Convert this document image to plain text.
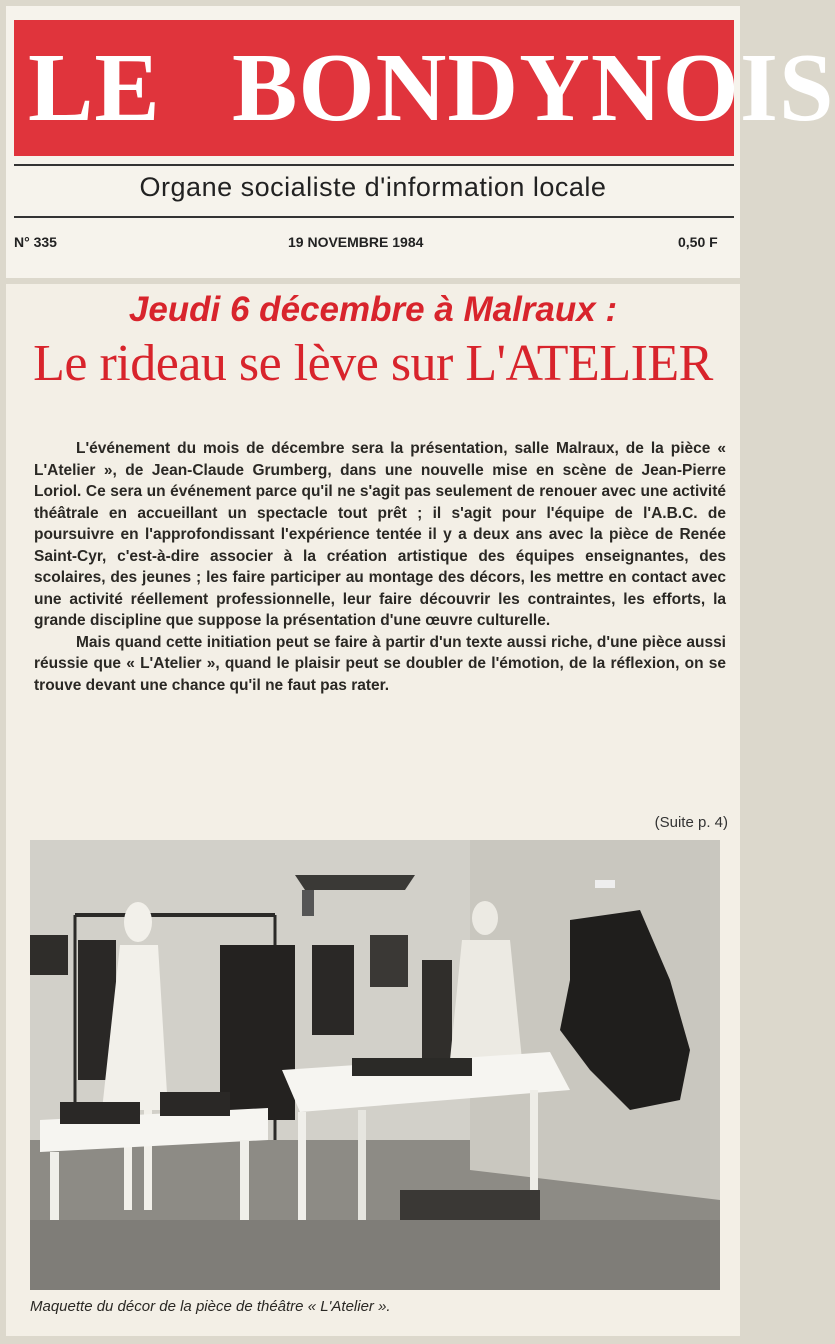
LE BONDYNOIS
Organe socialiste d'information locale
N° 335	19 NOVEMBRE 1984	0,50 F
Jeudi 6 décembre à Malraux :
Le rideau se lève sur L'ATELIER

L'événement du mois de décembre sera la présentation, salle Malraux, de la pièce « L'Atelier », de Jean-Claude Grumberg, dans une nouvelle mise en scène de Jean-Pierre Loriol. Ce sera un événement parce qu'il ne s'agit pas seulement de renouer avec une activité théâtrale en accueillant un spectacle tout prêt ; il s'agit pour l'équipe de l'A.B.C. de poursuivre en l'approfondissant l'expérience tentée il y a deux ans avec la pièce de Renée Saint-Cyr, c'est-à-dire associer à la création artistique des équipes enseignantes, des scolaires, des jeunes ; les faire participer au montage des décors, les mettre en contact avec une activité réellement professionnelle, leur faire découvrir les contraintes, les efforts, la grande discipline que suppose la présentation d'une œuvre culturelle.

Mais quand cette initiation peut se faire à partir d'un texte aussi riche, d'une pièce aussi réussie que « L'Atelier », quand le plaisir peut se doubler de l'émotion, de la réflexion, on se trouve devant une chance qu'il ne faut pas rater.

(Suite p. 4)
Maquette du décor de la pièce de théâtre « L'Atelier ».
